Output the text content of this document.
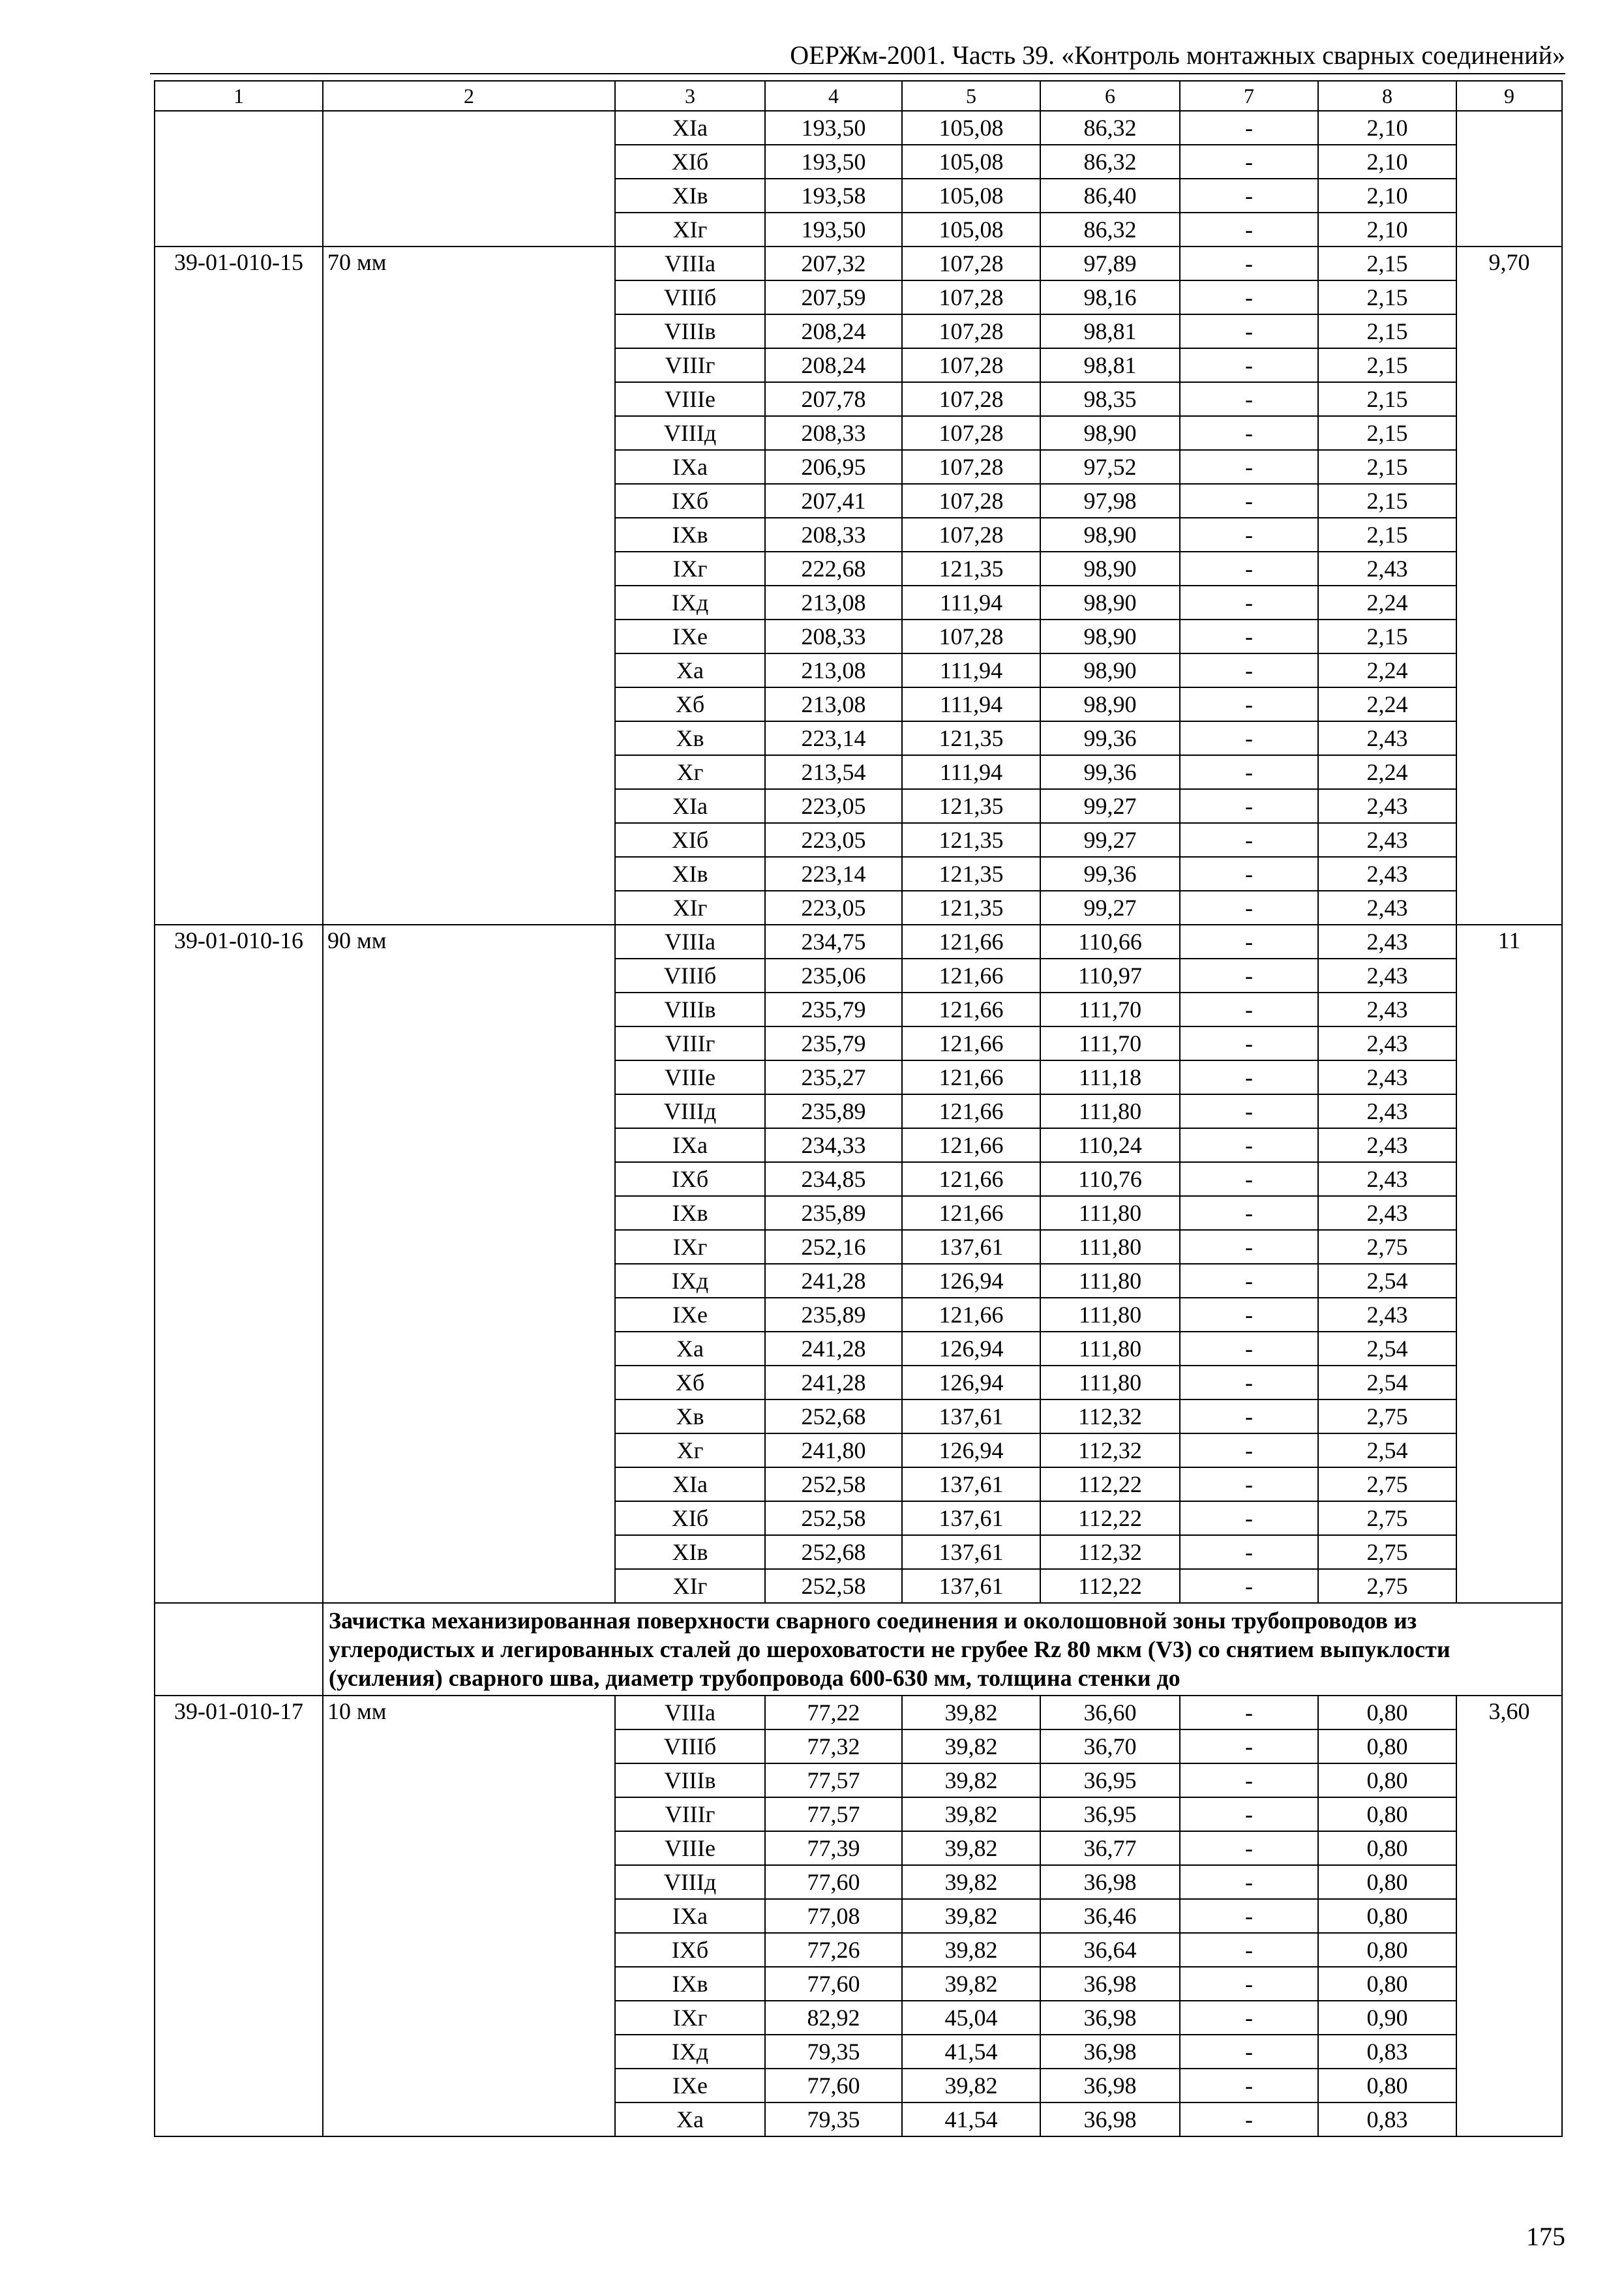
ОЕРЖм-2001. Часть 39. «Контроль монтажных сварных соединений»
1	2	3	4	5	6	7	8	9
		XIа	193,50	105,08	86,32	-	2,10	
		XIб	193,50	105,08	86,32	-	2,10	
		XIв	193,58	105,08	86,40	-	2,10	
		XIг	193,50	105,08	86,32	-	2,10	
39-01-010-15	70 мм	VIIIа	207,32	107,28	97,89	-	2,15	9,70
		VIIIб	207,59	107,28	98,16	-	2,15	
		VIIIв	208,24	107,28	98,81	-	2,15	
		VIIIг	208,24	107,28	98,81	-	2,15	
		VIIIе	207,78	107,28	98,35	-	2,15	
		VIIIд	208,33	107,28	98,90	-	2,15	
		IXа	206,95	107,28	97,52	-	2,15	
		IXб	207,41	107,28	97,98	-	2,15	
		IXв	208,33	107,28	98,90	-	2,15	
		IXг	222,68	121,35	98,90	-	2,43	
		IXд	213,08	111,94	98,90	-	2,24	
		IXе	208,33	107,28	98,90	-	2,15	
		Xа	213,08	111,94	98,90	-	2,24	
		Xб	213,08	111,94	98,90	-	2,24	
		Xв	223,14	121,35	99,36	-	2,43	
		Xг	213,54	111,94	99,36	-	2,24	
		XIа	223,05	121,35	99,27	-	2,43	
		XIб	223,05	121,35	99,27	-	2,43	
		XIв	223,14	121,35	99,36	-	2,43	
		XIг	223,05	121,35	99,27	-	2,43	
39-01-010-16	90 мм	VIIIа	234,75	121,66	110,66	-	2,43	11
		VIIIб	235,06	121,66	110,97	-	2,43	
		VIIIв	235,79	121,66	111,70	-	2,43	
		VIIIг	235,79	121,66	111,70	-	2,43	
		VIIIе	235,27	121,66	111,18	-	2,43	
		VIIIд	235,89	121,66	111,80	-	2,43	
		IXа	234,33	121,66	110,24	-	2,43	
		IXб	234,85	121,66	110,76	-	2,43	
		IXв	235,89	121,66	111,80	-	2,43	
		IXг	252,16	137,61	111,80	-	2,75	
		IXд	241,28	126,94	111,80	-	2,54	
		IXе	235,89	121,66	111,80	-	2,43	
		Xа	241,28	126,94	111,80	-	2,54	
		Xб	241,28	126,94	111,80	-	2,54	
		Xв	252,68	137,61	112,32	-	2,75	
		Xг	241,80	126,94	112,32	-	2,54	
		XIа	252,58	137,61	112,22	-	2,75	
		XIб	252,58	137,61	112,22	-	2,75	
		XIв	252,68	137,61	112,32	-	2,75	
		XIг	252,58	137,61	112,22	-	2,75	
	Зачистка механизированная поверхности сварного соединения и околошовной зоны трубопроводов из углеродистых и легированных сталей до шероховатости не грубее Rz 80 мкм (V3) со снятием выпуклости (усиления) сварного шва, диаметр трубопровода 600-630 мм, толщина стенки до							
39-01-010-17	10 мм	VIIIа	77,22	39,82	36,60	-	0,80	3,60
		VIIIб	77,32	39,82	36,70	-	0,80	
		VIIIв	77,57	39,82	36,95	-	0,80	
		VIIIг	77,57	39,82	36,95	-	0,80	
		VIIIе	77,39	39,82	36,77	-	0,80	
		VIIIд	77,60	39,82	36,98	-	0,80	
		IXа	77,08	39,82	36,46	-	0,80	
		IXб	77,26	39,82	36,64	-	0,80	
		IXв	77,60	39,82	36,98	-	0,80	
		IXг	82,92	45,04	36,98	-	0,90	
		IXд	79,35	41,54	36,98	-	0,83	
		IXе	77,60	39,82	36,98	-	0,80	
		Xа	79,35	41,54	36,98	-	0,83	
175
